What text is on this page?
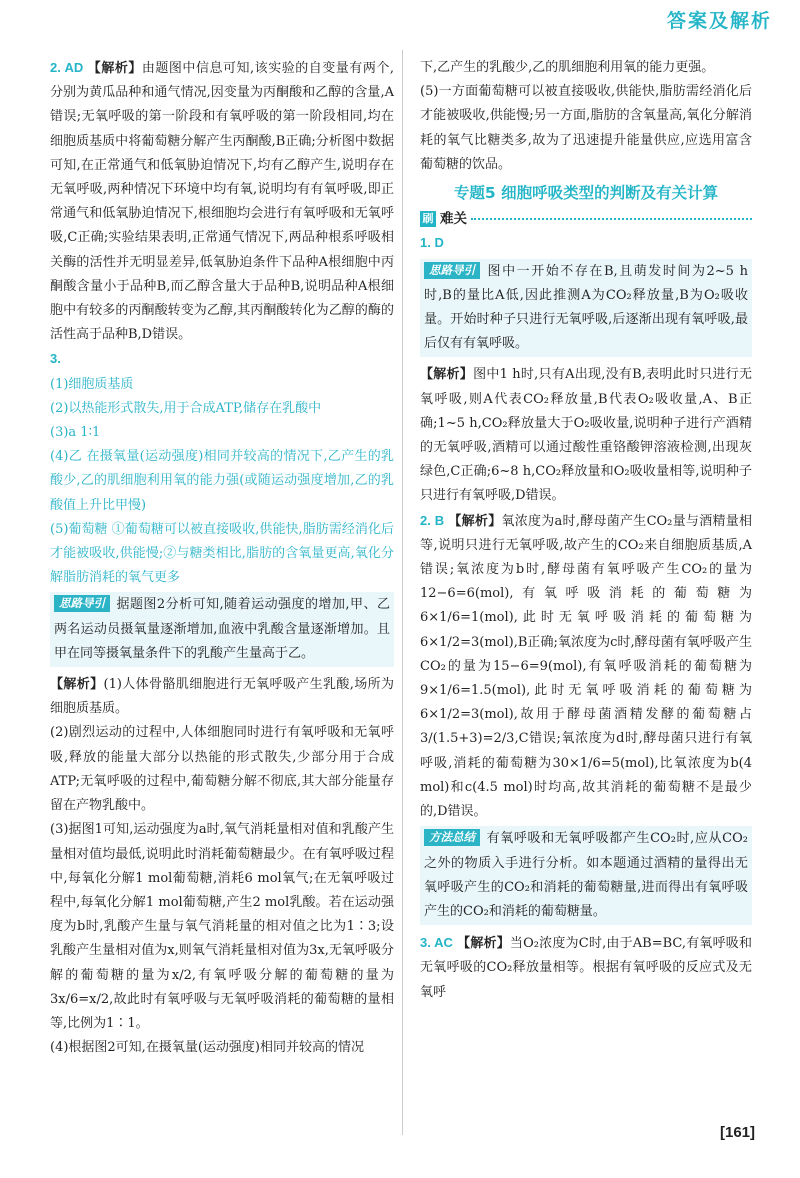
答案及解析

2. AD 【解析】由题图中信息可知,该实验的自变量有两个,分别为黄瓜品种和通气情况,因变量为丙酮酸和乙醇的含量,A错误;无氧呼吸的第一阶段和有氧呼吸的第一阶段相同,均在细胞质基质中将葡萄糖分解产生丙酮酸,B正确;分析图中数据可知,在正常通气和低氧胁迫情况下,均有乙醇产生,说明存在无氧呼吸,两种情况下环境中均有氧,说明均有有氧呼吸,即正常通气和低氧胁迫情况下,根细胞均会进行有氧呼吸和无氧呼吸,C正确;实验结果表明,正常通气情况下,两品种根系呼吸相关酶的活性并无明显差异,低氧胁迫条件下品种A根细胞中丙酮酸含量小于品种B,而乙醇含量大于品种B,说明品种A根细胞中有较多的丙酮酸转变为乙醇,其丙酮酸转化为乙醇的酶的活性高于品种B,D错误。

3.

(1)细胞质基质

(2)以热能形式散失,用于合成ATP,储存在乳酸中

(3)a 1∶1

(4)乙 在摄氧量(运动强度)相同并较高的情况下,乙产生的乳酸少,乙的肌细胞利用氧的能力强(或随运动强度增加,乙的乳酸值上升比甲慢)

(5)葡萄糖 ①葡萄糖可以被直接吸收,供能快,脂肪需经消化后才能被吸收,供能慢;②与糖类相比,脂肪的含氧量更高,氧化分解脂肪消耗的氧气更多

思路导引 据题图2分析可知,随着运动强度的增加,甲、乙两名运动员摄氧量逐渐增加,血液中乳酸含量逐渐增加。且甲在同等摄氧量条件下的乳酸产生量高于乙。

【解析】(1)人体骨骼肌细胞进行无氧呼吸产生乳酸,场所为细胞质基质。

(2)剧烈运动的过程中,人体细胞同时进行有氧呼吸和无氧呼吸,释放的能量大部分以热能的形式散失,少部分用于合成ATP;无氧呼吸的过程中,葡萄糖分解不彻底,其大部分能量存留在产物乳酸中。

(3)据图1可知,运动强度为a时,氧气消耗量相对值和乳酸产生量相对值均最低,说明此时消耗葡萄糖最少。在有氧呼吸过程中,每氧化分解1 mol葡萄糖,消耗6 mol氧气;在无氧呼吸过程中,每氧化分解1 mol葡萄糖,产生2 mol乳酸。若在运动强度为b时,乳酸产生量与氧气消耗量的相对值之比为1∶3;设乳酸产生量相对值为x,则氧气消耗量相对值为3x,无氧呼吸分解的葡萄糖的量为x/2,有氧呼吸分解的葡萄糖的量为3x/6=x/2,故此时有氧呼吸与无氧呼吸消耗的葡萄糖的量相等,比例为1∶1。

(4)根据图2可知,在摄氧量(运动强度)相同并较高的情况

下,乙产生的乳酸少,乙的肌细胞利用氧的能力更强。

(5)一方面葡萄糖可以被直接吸收,供能快,脂肪需经消化后才能被吸收,供能慢;另一方面,脂肪的含氧量高,氧化分解消耗的氧气比糖类多,故为了迅速提升能量供应,应选用富含葡萄糖的饮品。

专题5 细胞呼吸类型的判断及有关计算
刷 难关

1. D

思路导引 图中一开始不存在B,且萌发时间为2~5 h时,B的量比A低,因此推测A为CO₂释放量,B为O₂吸收量。开始时种子只进行无氧呼吸,后逐渐出现有氧呼吸,最后仅有有氧呼吸。

【解析】图中1 h时,只有A出现,没有B,表明此时只进行无氧呼吸,则A代表CO₂释放量,B代表O₂吸收量,A、B正确;1~5 h,CO₂释放量大于O₂吸收量,说明种子进行产酒精的无氧呼吸,酒精可以通过酸性重铬酸钾溶液检测,出现灰绿色,C正确;6~8 h,CO₂释放量和O₂吸收量相等,说明种子只进行有氧呼吸,D错误。

2. B 【解析】氧浓度为a时,酵母菌产生CO₂量与酒精量相等,说明只进行无氧呼吸,故产生的CO₂来自细胞质基质,A错误;氧浓度为b时,酵母菌有氧呼吸产生CO₂的量为12−6=6(mol),有氧呼吸消耗的葡萄糖为6×1/6=1(mol),此时无氧呼吸消耗的葡萄糖为6×1/2=3(mol),B正确;氧浓度为c时,酵母菌有氧呼吸产生CO₂的量为15−6=9(mol),有氧呼吸消耗的葡萄糖为9×1/6=1.5(mol),此时无氧呼吸消耗的葡萄糖为6×1/2=3(mol),故用于酵母菌酒精发酵的葡萄糖占3/(1.5+3)=2/3,C错误;氧浓度为d时,酵母菌只进行有氧呼吸,消耗的葡萄糖为30×1/6=5(mol),比氧浓度为b(4 mol)和c(4.5 mol)时均高,故其消耗的葡萄糖不是最少的,D错误。

方法总结 有氧呼吸和无氧呼吸都产生CO₂时,应从CO₂之外的物质入手进行分析。如本题通过酒精的量得出无氧呼吸产生的CO₂和消耗的葡萄糖量,进而得出有氧呼吸产生的CO₂和消耗的葡萄糖量。

3. AC 【解析】当O₂浓度为C时,由于AB=BC,有氧呼吸和无氧呼吸的CO₂释放量相等。根据有氧呼吸的反应式及无氧呼

[161]
